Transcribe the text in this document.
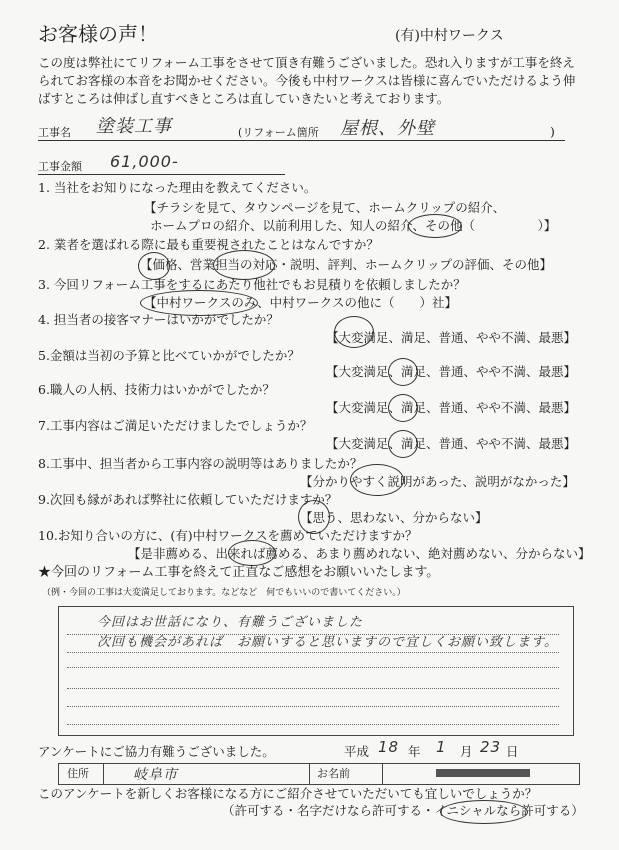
お客様の声！	(有)中村ワークス
この度は弊社にてリフォーム工事をさせて頂き有難うございました。恐れ入りますが工事を終え
られてお客様の本音をお聞かせください。今後も中村ワークスは皆様に喜んでいただけるよう伸
ばすところは伸ばし直すべきところは直していきたいと考えております。
工事名 塗装工事	(リフォーム箇所 屋根、外壁	)
工事金額 61,000-
1. 当社をお知りになった理由を教えてください。
【チラシを見て、タウンページを見て、ホームクリップの紹介、
ホームプロの紹介、以前利用した、知人の紹介、その他（　　　　　）】
2. 業者を選ばれる際に最も重要視されたことはなんですか？
【価格、営業担当の対応・説明、評判、ホームクリップの評価、その他】
3. 今回リフォーム工事をするにあたり他社でもお見積りを依頼しましたか？
【中村ワークスのみ、中村ワークスの他に（　　）社】
4. 担当者の接客マナーはいかがでしたか？
【大変満足、満足、普通、やや不満、最悪】
5.金額は当初の予算と比べていかがでしたか？
【大変満足、満足、普通、やや不満、最悪】
6.職人の人柄、技術力はいかがでしたか？
【大変満足、満足、普通、やや不満、最悪】
7.工事内容はご満足いただけましたでしょうか？
【大変満足、満足、普通、やや不満、最悪】
8.工事中、担当者から工事内容の説明等はありましたか？
【分かりやすく説明があった、説明がなかった】
9.次回も縁があれば弊社に依頼していただけますか？
【思う、思わない、分からない】
10.お知り合いの方に、(有)中村ワークスを薦めていただけますか？
【是非薦める、出来れば薦める、あまり薦めれない、絶対薦めない、分からない】
★今回のリフォーム工事を終えて正直なご感想をお願いいたします。
（例・今回の工事は大変満足しております。などなど　何でもいいので書いてください。）
今回はお世話になり、有難うございました
次回も機会があれば　お願いすると思いますので宜しくお願い致します。
アンケートにご協力有難うございました。	平成 18 年 1 月 23 日
住所	岐阜市	お名前
このアンケートを新しくお客様になる方にご紹介させていただいても宜しいでしょうか？
（許可する・名字だけなら許可する・イニシャルなら許可する）
